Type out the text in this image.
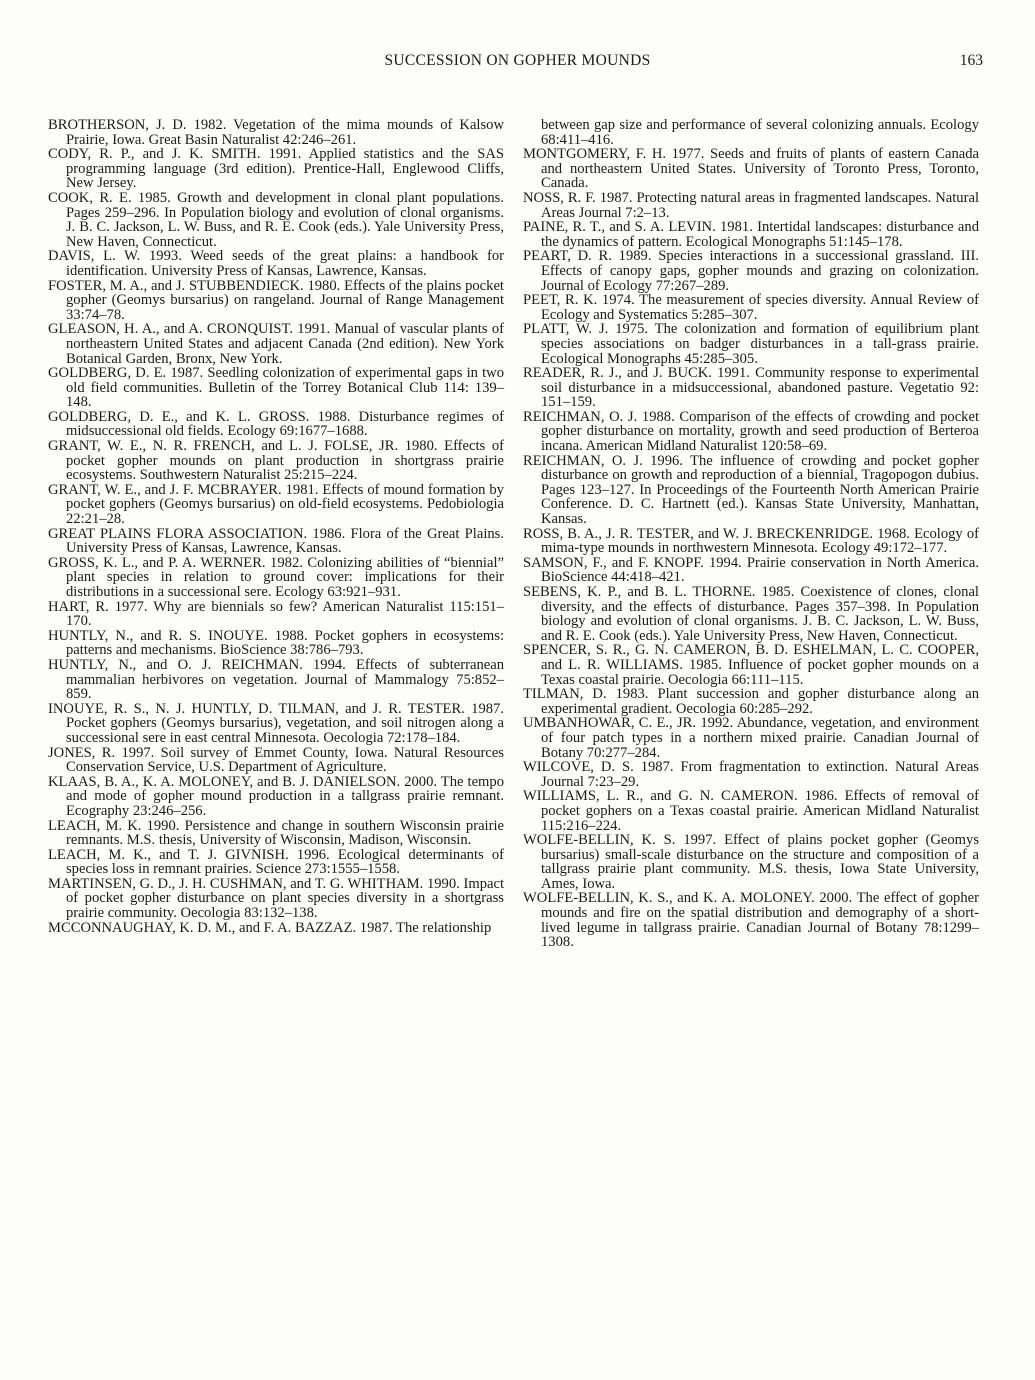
SUCCESSION ON GOPHER MOUNDS	163

BROTHERSON, J. D. 1982. Vegetation of the mima mounds of Kalsow Prairie, Iowa. Great Basin Naturalist 42:246–261.

CODY, R. P., and J. K. SMITH. 1991. Applied statistics and the SAS programming language (3rd edition). Prentice-Hall, Englewood Cliffs, New Jersey.

COOK, R. E. 1985. Growth and development in clonal plant populations. Pages 259–296. In Population biology and evolution of clonal organisms. J. B. C. Jackson, L. W. Buss, and R. E. Cook (eds.). Yale University Press, New Haven, Connecticut.

DAVIS, L. W. 1993. Weed seeds of the great plains: a handbook for identification. University Press of Kansas, Lawrence, Kansas.

FOSTER, M. A., and J. STUBBENDIECK. 1980. Effects of the plains pocket gopher (Geomys bursarius) on rangeland. Journal of Range Management 33:74–78.

GLEASON, H. A., and A. CRONQUIST. 1991. Manual of vascular plants of northeastern United States and adjacent Canada (2nd edition). New York Botanical Garden, Bronx, New York.

GOLDBERG, D. E. 1987. Seedling colonization of experimental gaps in two old field communities. Bulletin of the Torrey Botanical Club 114: 139–148.

GOLDBERG, D. E., and K. L. GROSS. 1988. Disturbance regimes of midsuccessional old fields. Ecology 69:1677–1688.

GRANT, W. E., N. R. FRENCH, and L. J. FOLSE, JR. 1980. Effects of pocket gopher mounds on plant production in shortgrass prairie ecosystems. Southwestern Naturalist 25:215–224.

GRANT, W. E., and J. F. MCBRAYER. 1981. Effects of mound formation by pocket gophers (Geomys bursarius) on old-field ecosystems. Pedobiologia 22:21–28.

GREAT PLAINS FLORA ASSOCIATION. 1986. Flora of the Great Plains. University Press of Kansas, Lawrence, Kansas.

GROSS, K. L., and P. A. WERNER. 1982. Colonizing abilities of “biennial” plant species in relation to ground cover: implications for their distributions in a successional sere. Ecology 63:921–931.

HART, R. 1977. Why are biennials so few? American Naturalist 115:151–170.

HUNTLY, N., and R. S. INOUYE. 1988. Pocket gophers in ecosystems: patterns and mechanisms. BioScience 38:786–793.

HUNTLY, N., and O. J. REICHMAN. 1994. Effects of subterranean mammalian herbivores on vegetation. Journal of Mammalogy 75:852–859.

INOUYE, R. S., N. J. HUNTLY, D. TILMAN, and J. R. TESTER. 1987. Pocket gophers (Geomys bursarius), vegetation, and soil nitrogen along a successional sere in east central Minnesota. Oecologia 72:178–184.

JONES, R. 1997. Soil survey of Emmet County, Iowa. Natural Resources Conservation Service, U.S. Department of Agriculture.

KLAAS, B. A., K. A. MOLONEY, and B. J. DANIELSON. 2000. The tempo and mode of gopher mound production in a tallgrass prairie remnant. Ecography 23:246–256.

LEACH, M. K. 1990. Persistence and change in southern Wisconsin prairie remnants. M.S. thesis, University of Wisconsin, Madison, Wisconsin.

LEACH, M. K., and T. J. GIVNISH. 1996. Ecological determinants of species loss in remnant prairies. Science 273:1555–1558.

MARTINSEN, G. D., J. H. CUSHMAN, and T. G. WHITHAM. 1990. Impact of pocket gopher disturbance on plant species diversity in a shortgrass prairie community. Oecologia 83:132–138.

MCCONNAUGHAY, K. D. M., and F. A. BAZZAZ. 1987. The relationship

between gap size and performance of several colonizing annuals. Ecology 68:411–416.

MONTGOMERY, F. H. 1977. Seeds and fruits of plants of eastern Canada and northeastern United States. University of Toronto Press, Toronto, Canada.

NOSS, R. F. 1987. Protecting natural areas in fragmented landscapes. Natural Areas Journal 7:2–13.

PAINE, R. T., and S. A. LEVIN. 1981. Intertidal landscapes: disturbance and the dynamics of pattern. Ecological Monographs 51:145–178.

PEART, D. R. 1989. Species interactions in a successional grassland. III. Effects of canopy gaps, gopher mounds and grazing on colonization. Journal of Ecology 77:267–289.

PEET, R. K. 1974. The measurement of species diversity. Annual Review of Ecology and Systematics 5:285–307.

PLATT, W. J. 1975. The colonization and formation of equilibrium plant species associations on badger disturbances in a tall-grass prairie. Ecological Monographs 45:285–305.

READER, R. J., and J. BUCK. 1991. Community response to experimental soil disturbance in a midsuccessional, abandoned pasture. Vegetatio 92: 151–159.

REICHMAN, O. J. 1988. Comparison of the effects of crowding and pocket gopher disturbance on mortality, growth and seed production of Berteroa incana. American Midland Naturalist 120:58–69.

REICHMAN, O. J. 1996. The influence of crowding and pocket gopher disturbance on growth and reproduction of a biennial, Tragopogon dubius. Pages 123–127. In Proceedings of the Fourteenth North American Prairie Conference. D. C. Hartnett (ed.). Kansas State University, Manhattan, Kansas.

ROSS, B. A., J. R. TESTER, and W. J. BRECKENRIDGE. 1968. Ecology of mima-type mounds in northwestern Minnesota. Ecology 49:172–177.

SAMSON, F., and F. KNOPF. 1994. Prairie conservation in North America. BioScience 44:418–421.

SEBENS, K. P., and B. L. THORNE. 1985. Coexistence of clones, clonal diversity, and the effects of disturbance. Pages 357–398. In Population biology and evolution of clonal organisms. J. B. C. Jackson, L. W. Buss, and R. E. Cook (eds.). Yale University Press, New Haven, Connecticut.

SPENCER, S. R., G. N. CAMERON, B. D. ESHELMAN, L. C. COOPER, and L. R. WILLIAMS. 1985. Influence of pocket gopher mounds on a Texas coastal prairie. Oecologia 66:111–115.

TILMAN, D. 1983. Plant succession and gopher disturbance along an experimental gradient. Oecologia 60:285–292.

UMBANHOWAR, C. E., JR. 1992. Abundance, vegetation, and environment of four patch types in a northern mixed prairie. Canadian Journal of Botany 70:277–284.

WILCOVE, D. S. 1987. From fragmentation to extinction. Natural Areas Journal 7:23–29.

WILLIAMS, L. R., and G. N. CAMERON. 1986. Effects of removal of pocket gophers on a Texas coastal prairie. American Midland Naturalist 115:216–224.

WOLFE-BELLIN, K. S. 1997. Effect of plains pocket gopher (Geomys bursarius) small-scale disturbance on the structure and composition of a tallgrass prairie plant community. M.S. thesis, Iowa State University, Ames, Iowa.

WOLFE-BELLIN, K. S., and K. A. MOLONEY. 2000. The effect of gopher mounds and fire on the spatial distribution and demography of a short-lived legume in tallgrass prairie. Canadian Journal of Botany 78:1299–1308.
